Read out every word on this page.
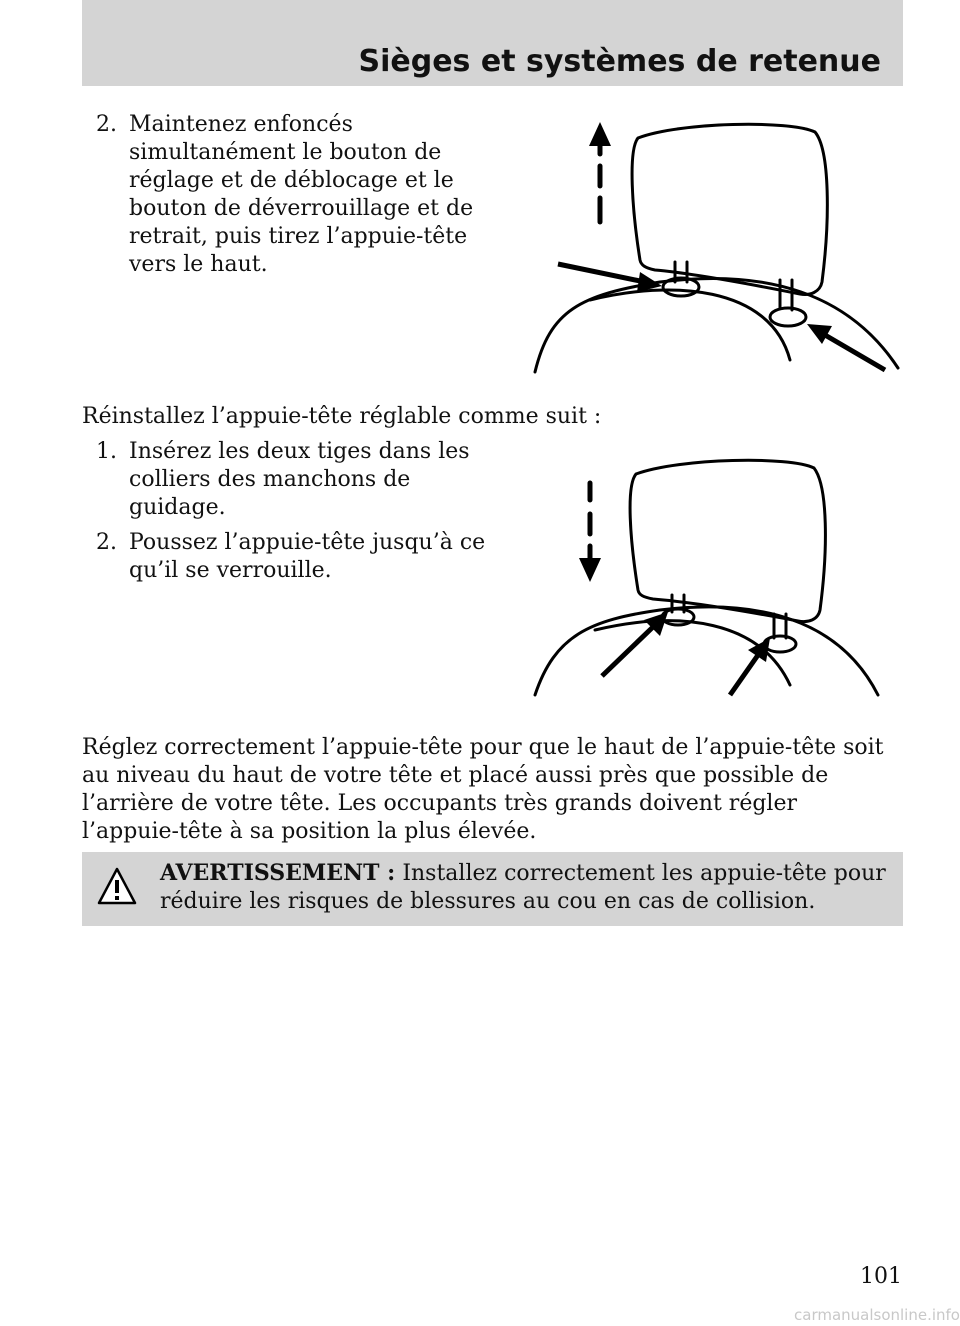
Sièges et systèmes de retenue
2. Maintenez enfoncés
simultanément le bouton de
réglage et de déblocage et le
bouton de déverrouillage et de
retrait, puis tirez l’appuie-tête
vers le haut.
Réinstallez l’appuie-tête réglable comme suit :
1. Insérez les deux tiges dans les
colliers des manchons de
guidage.
2. Poussez l’appuie-tête jusqu’à ce
qu’il se verrouille.
Réglez correctement l’appuie-tête pour que le haut de l’appuie-tête soit
au niveau du haut de votre tête et placé aussi près que possible de
l’arrière de votre tête. Les occupants très grands doivent régler
l’appuie-tête à sa position la plus élevée.
AVERTISSEMENT : Installez correctement les appuie-tête pour
réduire les risques de blessures au cou en cas de collision.
101
carmanualsonline.info
